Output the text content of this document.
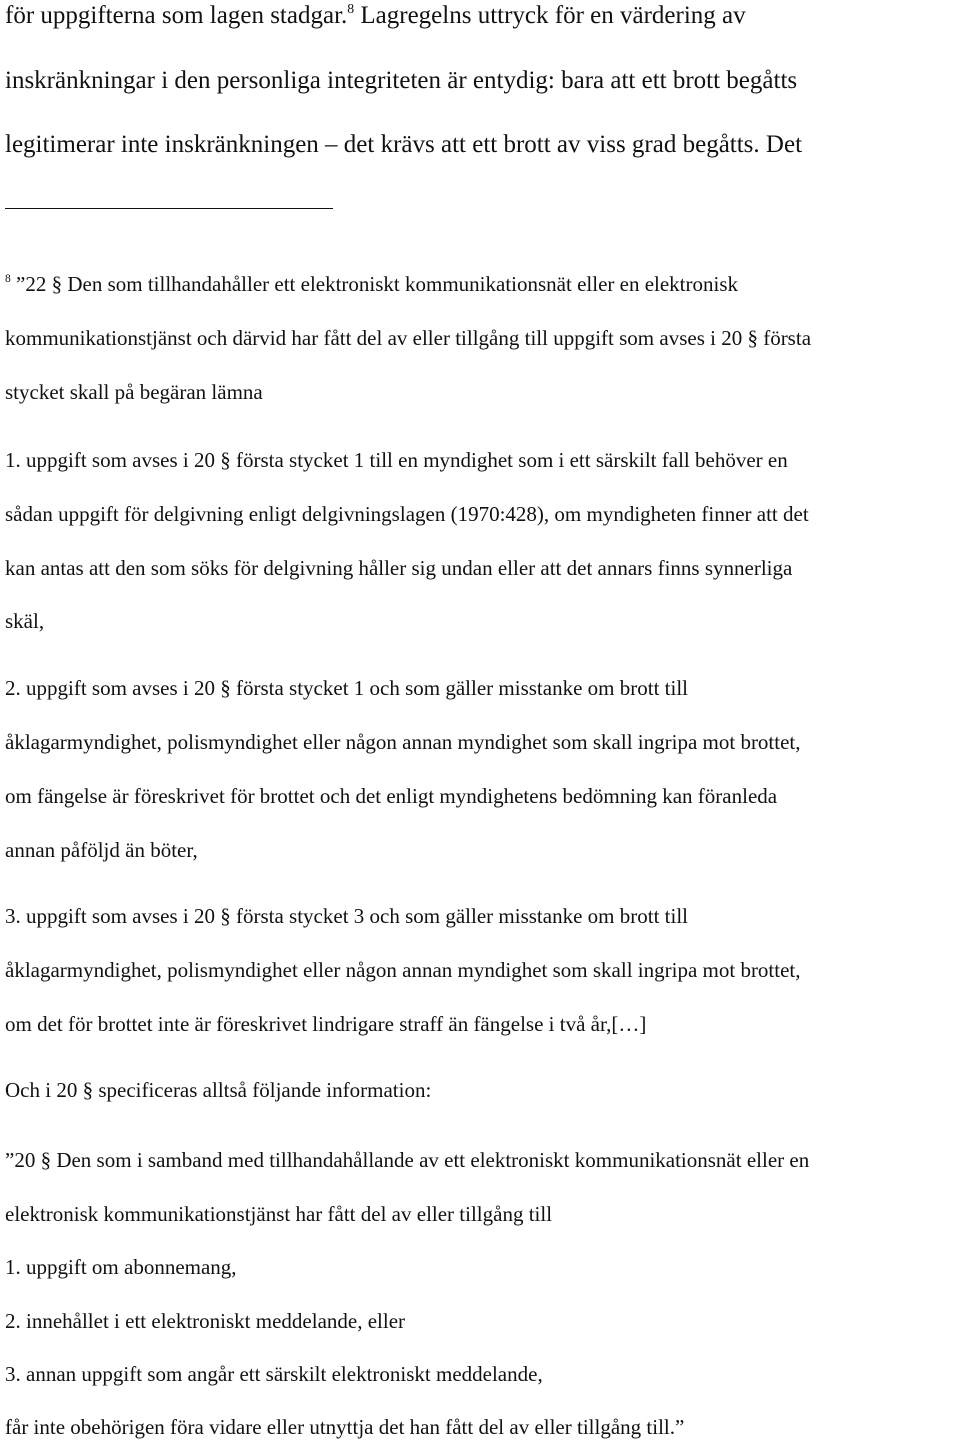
för uppgifterna som lagen stadgar.$^8$ Lagregelns uttryck för en värdering av
inskränkningar i den personliga integriteten är entydig: bara att ett brott begåtts
legitimerar inte inskränkningen – det krävs att ett brott av viss grad begåtts. Det
$^8$ ”22 § Den som tillhandahåller ett elektroniskt kommunikationsnät eller en elektronisk
kommunikationstjänst och därvid har fått del av eller tillgång till uppgift som avses i 20 § första
stycket skall på begäran lämna
1. uppgift som avses i 20 § första stycket 1 till en myndighet som i ett särskilt fall behöver en
sådan uppgift för delgivning enligt delgivningslagen (1970:428), om myndigheten finner att det
kan antas att den som söks för delgivning håller sig undan eller att det annars finns synnerliga
skäl,
2. uppgift som avses i 20 § första stycket 1 och som gäller misstanke om brott till
åklagarmyndighet, polismyndighet eller någon annan myndighet som skall ingripa mot brottet,
om fängelse är föreskrivet för brottet och det enligt myndighetens bedömning kan föranleda
annan påföljd än böter,
3. uppgift som avses i 20 § första stycket 3 och som gäller misstanke om brott till
åklagarmyndighet, polismyndighet eller någon annan myndighet som skall ingripa mot brottet,
om det för brottet inte är föreskrivet lindrigare straff än fängelse i två år,[…]
Och i 20 § specificeras alltså följande information:
”20 § Den som i samband med tillhandahållande av ett elektroniskt kommunikationsnät eller en
elektronisk kommunikationstjänst har fått del av eller tillgång till
1. uppgift om abonnemang,
2. innehållet i ett elektroniskt meddelande, eller
3. annan uppgift som angår ett särskilt elektroniskt meddelande,
får inte obehörigen föra vidare eller utnyttja det han fått del av eller tillgång till.”
